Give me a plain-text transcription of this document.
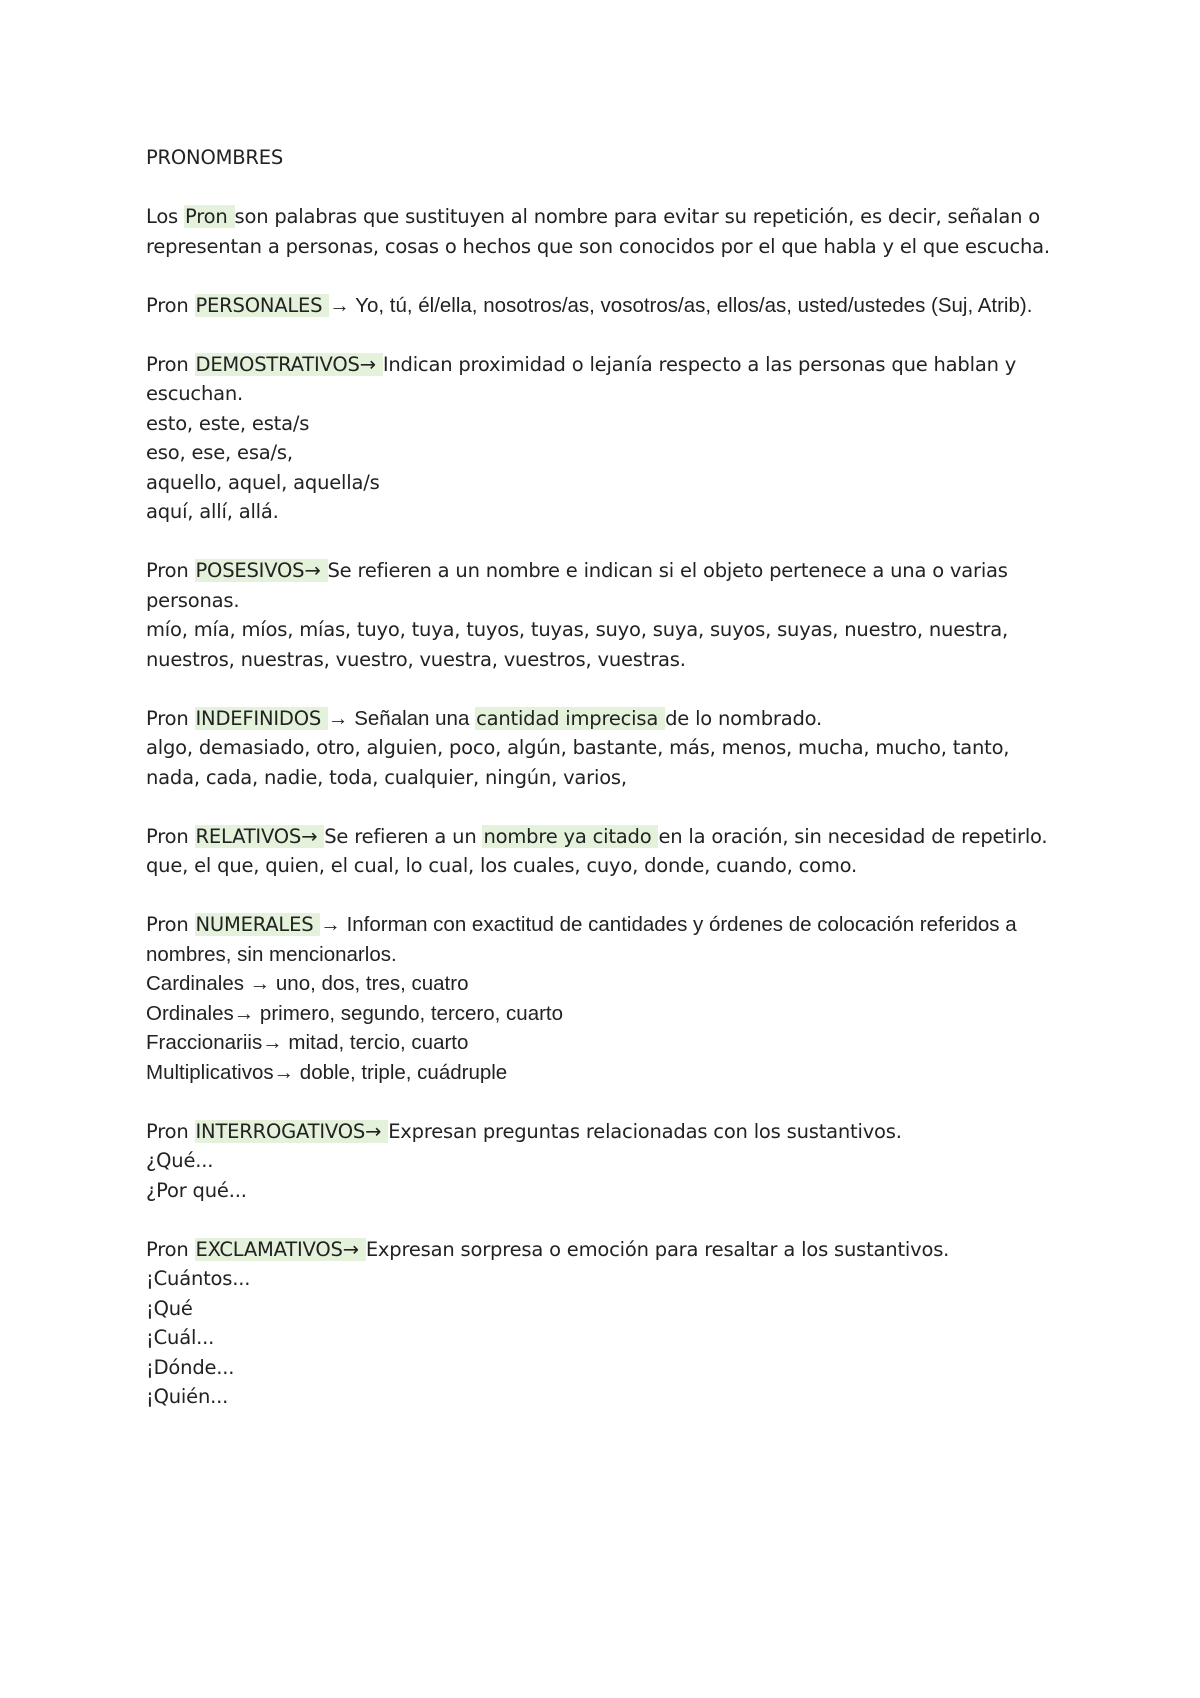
PRONOMBRES

Los Pron son palabras que sustituyen al nombre para evitar su repetición, es decir, señalan o representan a personas, cosas o hechos que son conocidos por el que habla y el que escucha.

Pron PERSONALES → Yo, tú, él/ella, nosotros/as, vosotros/as, ellos/as, usted/ustedes (Suj, Atrib).

Pron DEMOSTRATIVOS→ Indican proximidad o lejanía respecto a las personas que hablan y escuchan.

esto, este, esta/s

eso, ese, esa/s,

aquello, aquel, aquella/s

aquí, allí, allá.

Pron POSESIVOS→ Se refieren a un nombre e indican si el objeto pertenece a una o varias personas.

mío, mía, míos, mías, tuyo, tuya, tuyos, tuyas, suyo, suya, suyos, suyas, nuestro, nuestra, nuestros, nuestras, vuestro, vuestra, vuestros, vuestras.

Pron INDEFINIDOS → Señalan una cantidad imprecisa de lo nombrado.

algo, demasiado, otro, alguien, poco, algún, bastante, más, menos, mucha, mucho, tanto, nada, cada, nadie, toda, cualquier, ningún, varios,

Pron RELATIVOS→ Se refieren a un nombre ya citado en la oración, sin necesidad de repetirlo.

que, el que, quien, el cual, lo cual, los cuales, cuyo, donde, cuando, como.

Pron NUMERALES → Informan con exactitud de cantidades y órdenes de colocación referidos a nombres, sin mencionarlos.

Cardinales → uno, dos, tres, cuatro

Ordinales→ primero, segundo, tercero, cuarto

Fraccionariis→ mitad, tercio, cuarto

Multiplicativos→ doble, triple, cuádruple

Pron INTERROGATIVOS→ Expresan preguntas relacionadas con los sustantivos.

¿Qué...

¿Por qué...

Pron EXCLAMATIVOS→ Expresan sorpresa o emoción para resaltar a los sustantivos.

¡Cuántos...

¡Qué

¡Cuál...

¡Dónde...

¡Quién...
